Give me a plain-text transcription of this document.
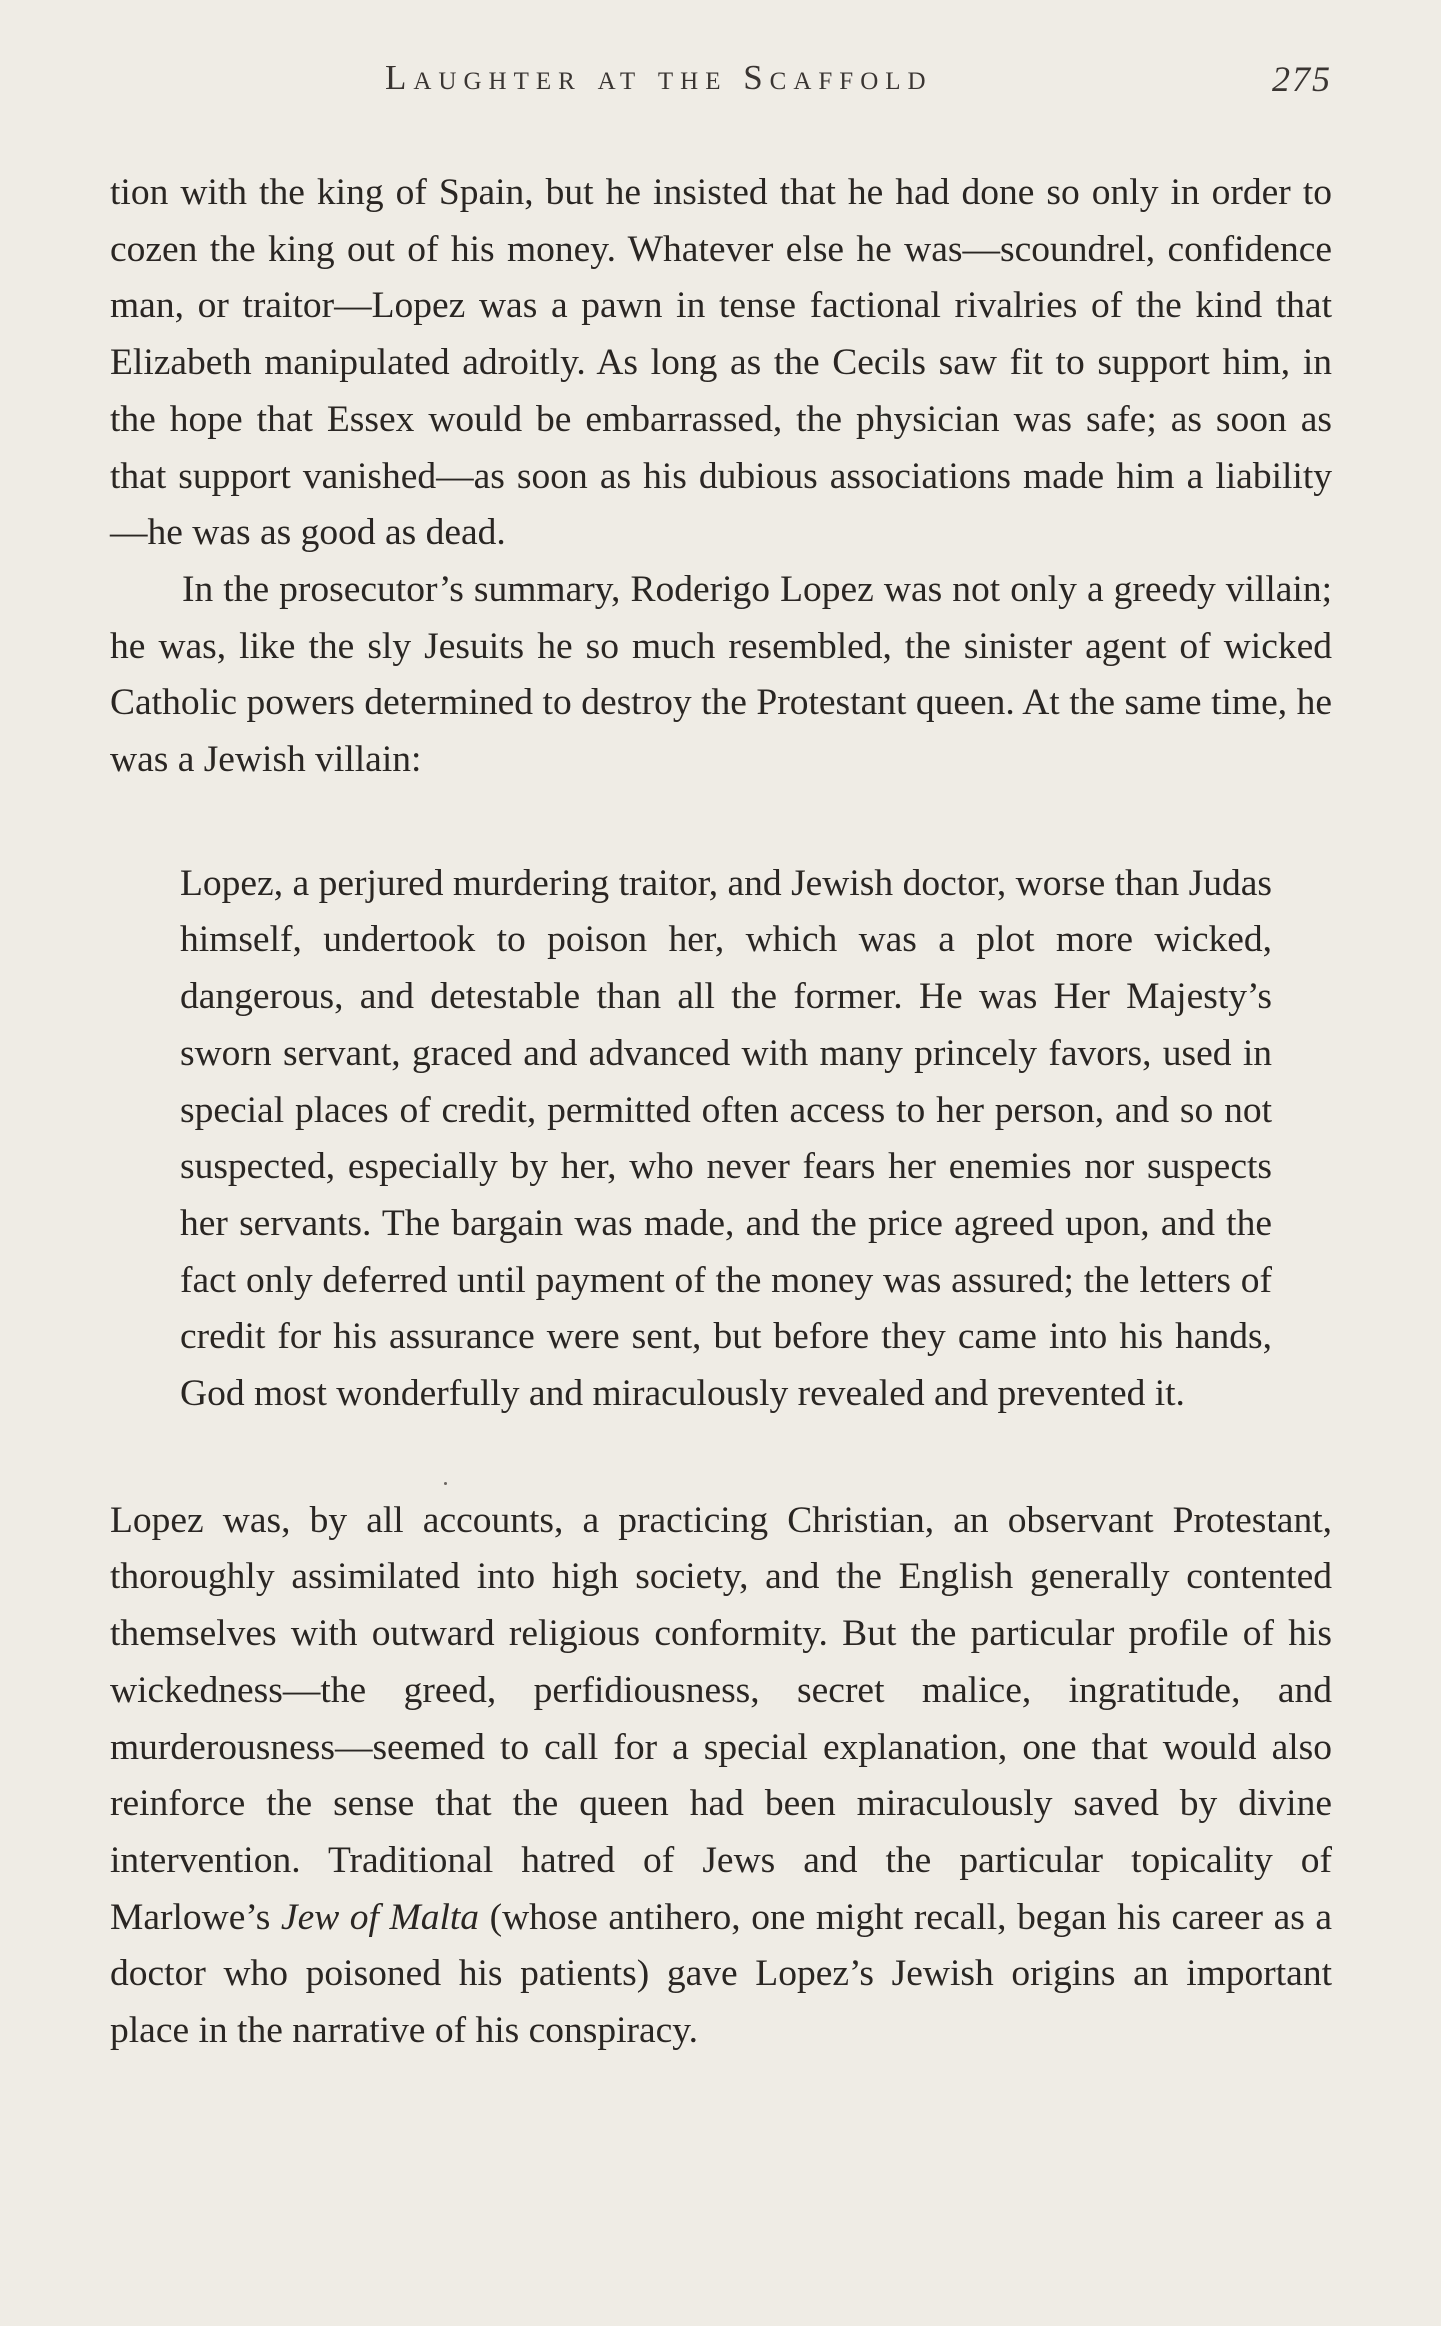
Laughter at the Scaffold	275

tion with the king of Spain, but he insisted that he had done so only in order to cozen the king out of his money. Whatever else he was—scoundrel, confidence man, or traitor—Lopez was a pawn in tense factional rivalries of the kind that Elizabeth manipulated adroitly. As long as the Cecils saw fit to support him, in the hope that Essex would be embarrassed, the physician was safe; as soon as that support vanished—as soon as his dubious associations made him a liability—he was as good as dead.

In the prosecutor’s summary, Roderigo Lopez was not only a greedy villain; he was, like the sly Jesuits he so much resembled, the sinister agent of wicked Catholic powers determined to destroy the Protestant queen. At the same time, he was a Jewish villain:

Lopez, a perjured murdering traitor, and Jewish doctor, worse than Judas himself, undertook to poison her, which was a plot more wicked, dangerous, and detestable than all the former. He was Her Majesty’s sworn servant, graced and advanced with many princely favors, used in special places of credit, permitted often access to her person, and so not suspected, especially by her, who never fears her enemies nor suspects her servants. The bargain was made, and the price agreed upon, and the fact only deferred until payment of the money was assured; the letters of credit for his assurance were sent, but before they came into his hands, God most wonderfully and miraculously revealed and prevented it.

Lopez was, by all accounts, a practicing Christian, an observant Protestant, thoroughly assimilated into high society, and the English generally contented themselves with outward religious conformity. But the particular profile of his wickedness—the greed, perfidiousness, secret malice, ingratitude, and murderousness—seemed to call for a special explanation, one that would also reinforce the sense that the queen had been miraculously saved by divine intervention. Traditional hatred of Jews and the particular topicality of Marlowe’s Jew of Malta (whose antihero, one might recall, began his career as a doctor who poisoned his patients) gave Lopez’s Jewish origins an important place in the narrative of his conspiracy.
